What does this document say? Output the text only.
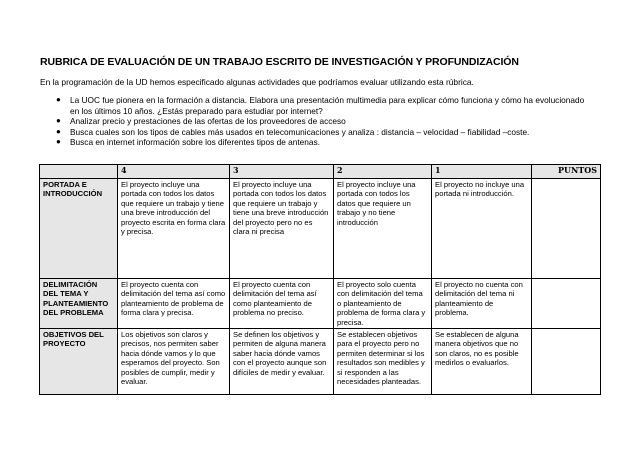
RUBRICA DE EVALUACIÓN DE UN TRABAJO ESCRITO DE INVESTIGACIÓN Y PROFUNDIZACIÓN
En la programación de la UD hemos especificado algunas actividades que podríamos evaluar utilizando esta rúbrica.
● La UOC fue pionera en la formación a distancia. Elabora una presentación multimedia para explicar cómo funciona y cómo ha evolucionado
en los últimos 10 años. ¿Estás preparado para estudiar por internet?
● Analizar precio y prestaciones de las ofertas de los proveedores de acceso
● Busca cuales son los tipos de cables más usados en telecomunicaciones y analiza : distancia – velocidad – fiabilidad –coste.
● Busca en internet información sobre los diferentes tipos de antenas.
	4	3	2	1	PUNTOS
PORTADA E INTRODUCCIÓN	El proyecto incluye una portada con todos los datos que requiere un trabajo y tiene una breve introducción del proyecto escrita en forma clara y precisa.	El proyecto incluye una portada con todos los datos que requiere un trabajo y tiene una breve introducción del proyecto pero no es clara ni precisa	El proyecto incluye una portada con todos los datos que requiere un trabajo y no tiene introducción	El proyecto no incluye una portada ni introducción.	
DELIMITACIÓN DEL TEMA Y PLANTEAMIENTO DEL PROBLEMA	El proyecto cuenta con delimitación del tema así como planteamiento de problema de forma clara y precisa.	El proyecto cuenta con delimitación del tema así como planteamiento de problema no preciso.	El proyecto solo cuenta con delimitación del tema o planteamiento de problema de forma clara y precisa.	El proyecto no cuenta con delimitación del tema ni planteamiento de problema.	
OBJETIVOS DEL PROYECTO	Los objetivos son claros y precisos, nos permiten saber hacia dónde vamos y lo que esperamos del proyecto. Son posibles de cumplir, medir y evaluar.	Se definen los objetivos y permiten de alguna manera saber hacia dónde vamos con el proyecto aunque son difíciles de medir y evaluar.	Se establecen objetivos para el proyecto pero no permiten determinar si los resultados son medibles y si responden a las necesidades planteadas.	Se establecen de alguna manera objetivos que no son claros, no es posible medirlos o evaluarlos.	
